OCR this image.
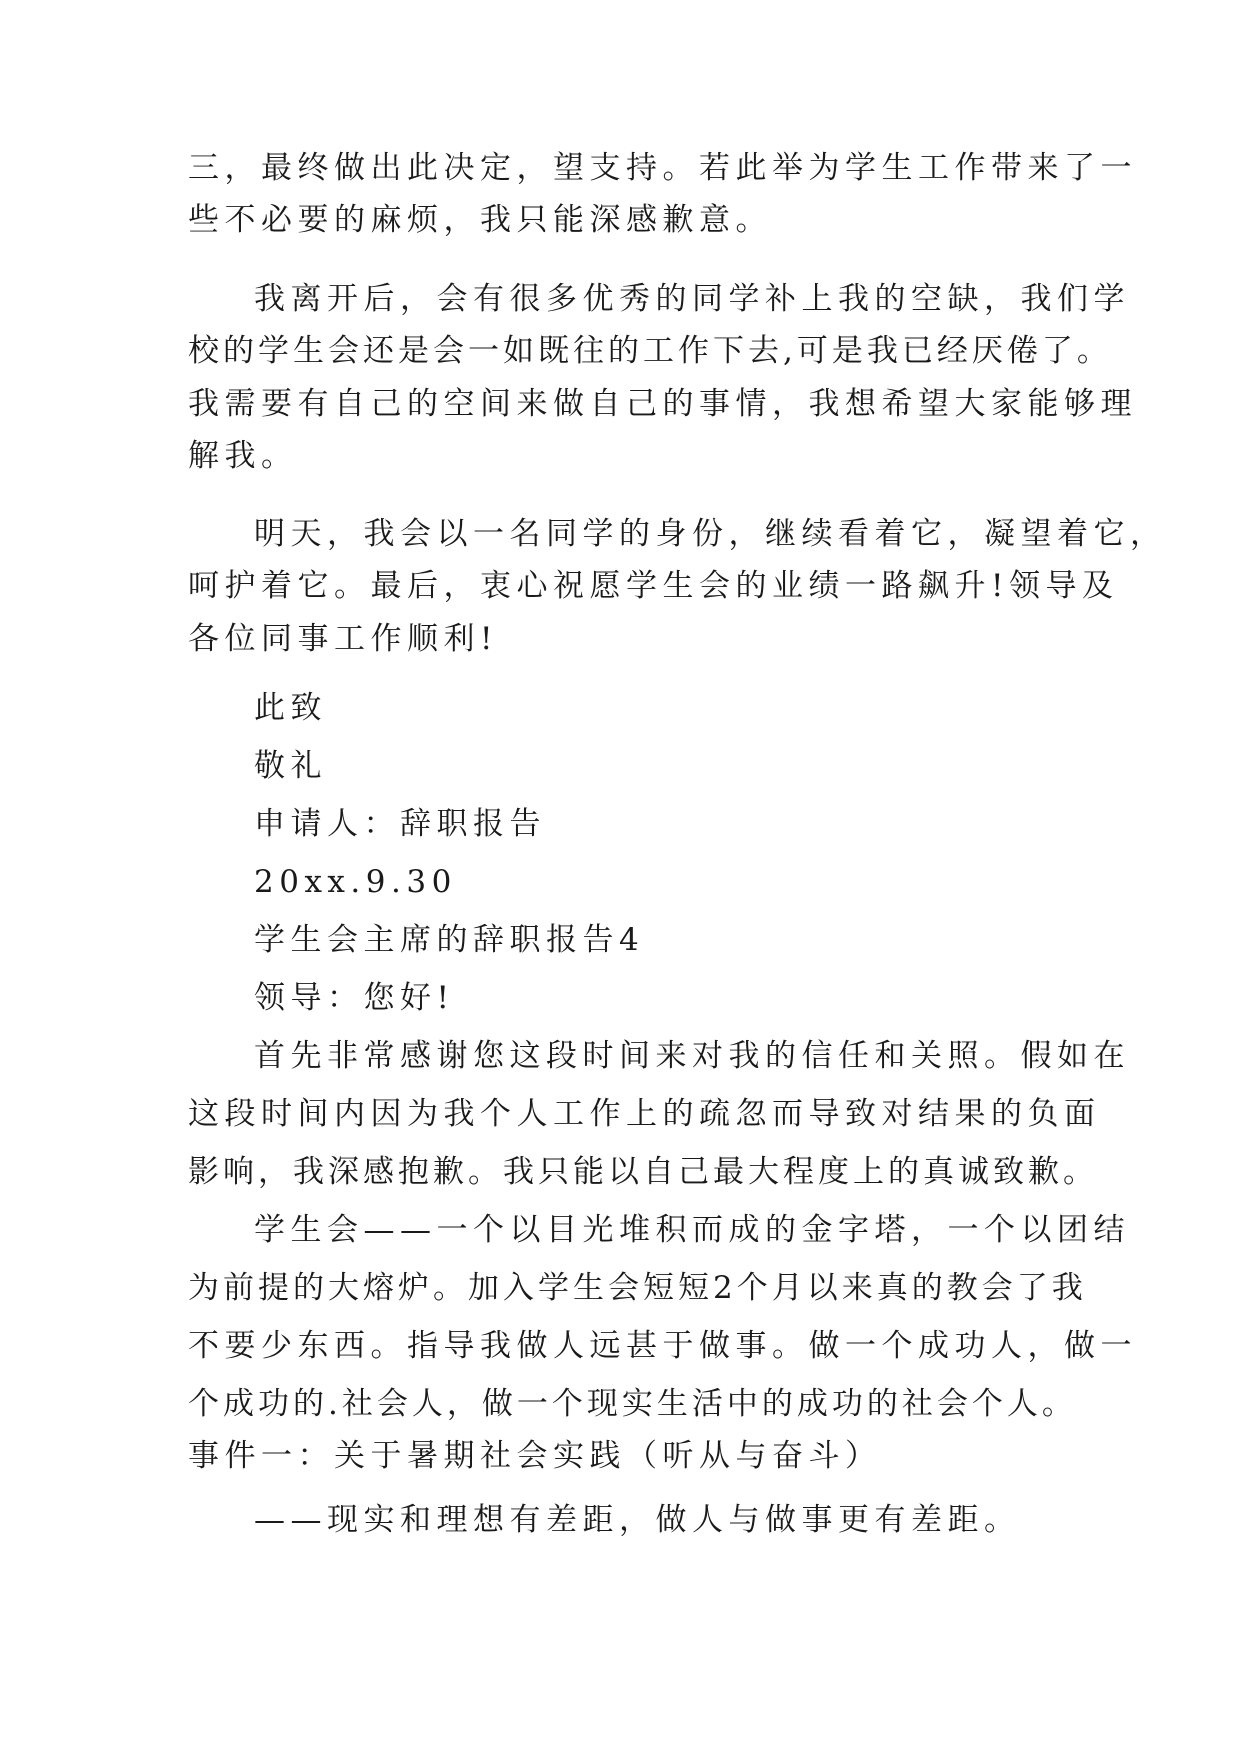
三，最终做出此决定，望支持。若此举为学生工作带来了一
些不必要的麻烦，我只能深感歉意。
我离开后，会有很多优秀的同学补上我的空缺，我们学
校的学生会还是会一如既往的工作下去,可是我已经厌倦了。
我需要有自己的空间来做自己的事情，我想希望大家能够理
解我。
明天，我会以一名同学的身份，继续看着它，凝望着它，
呵护着它。最后，衷心祝愿学生会的业绩一路飙升!领导及
各位同事工作顺利!
此致
敬礼
申请人：辞职报告
20xx.9.30
学生会主席的辞职报告4
领导：您好!
首先非常感谢您这段时间来对我的信任和关照。假如在
这段时间内因为我个人工作上的疏忽而导致对结果的负面
影响，我深感抱歉。我只能以自己最大程度上的真诚致歉。
学生会——一个以目光堆积而成的金字塔，一个以团结
为前提的大熔炉。加入学生会短短2个月以来真的教会了我
不要少东西。指导我做人远甚于做事。做一个成功人，做一
个成功的.社会人，做一个现实生活中的成功的社会个人。
事件一：关于暑期社会实践（听从与奋斗）
——现实和理想有差距，做人与做事更有差距。
